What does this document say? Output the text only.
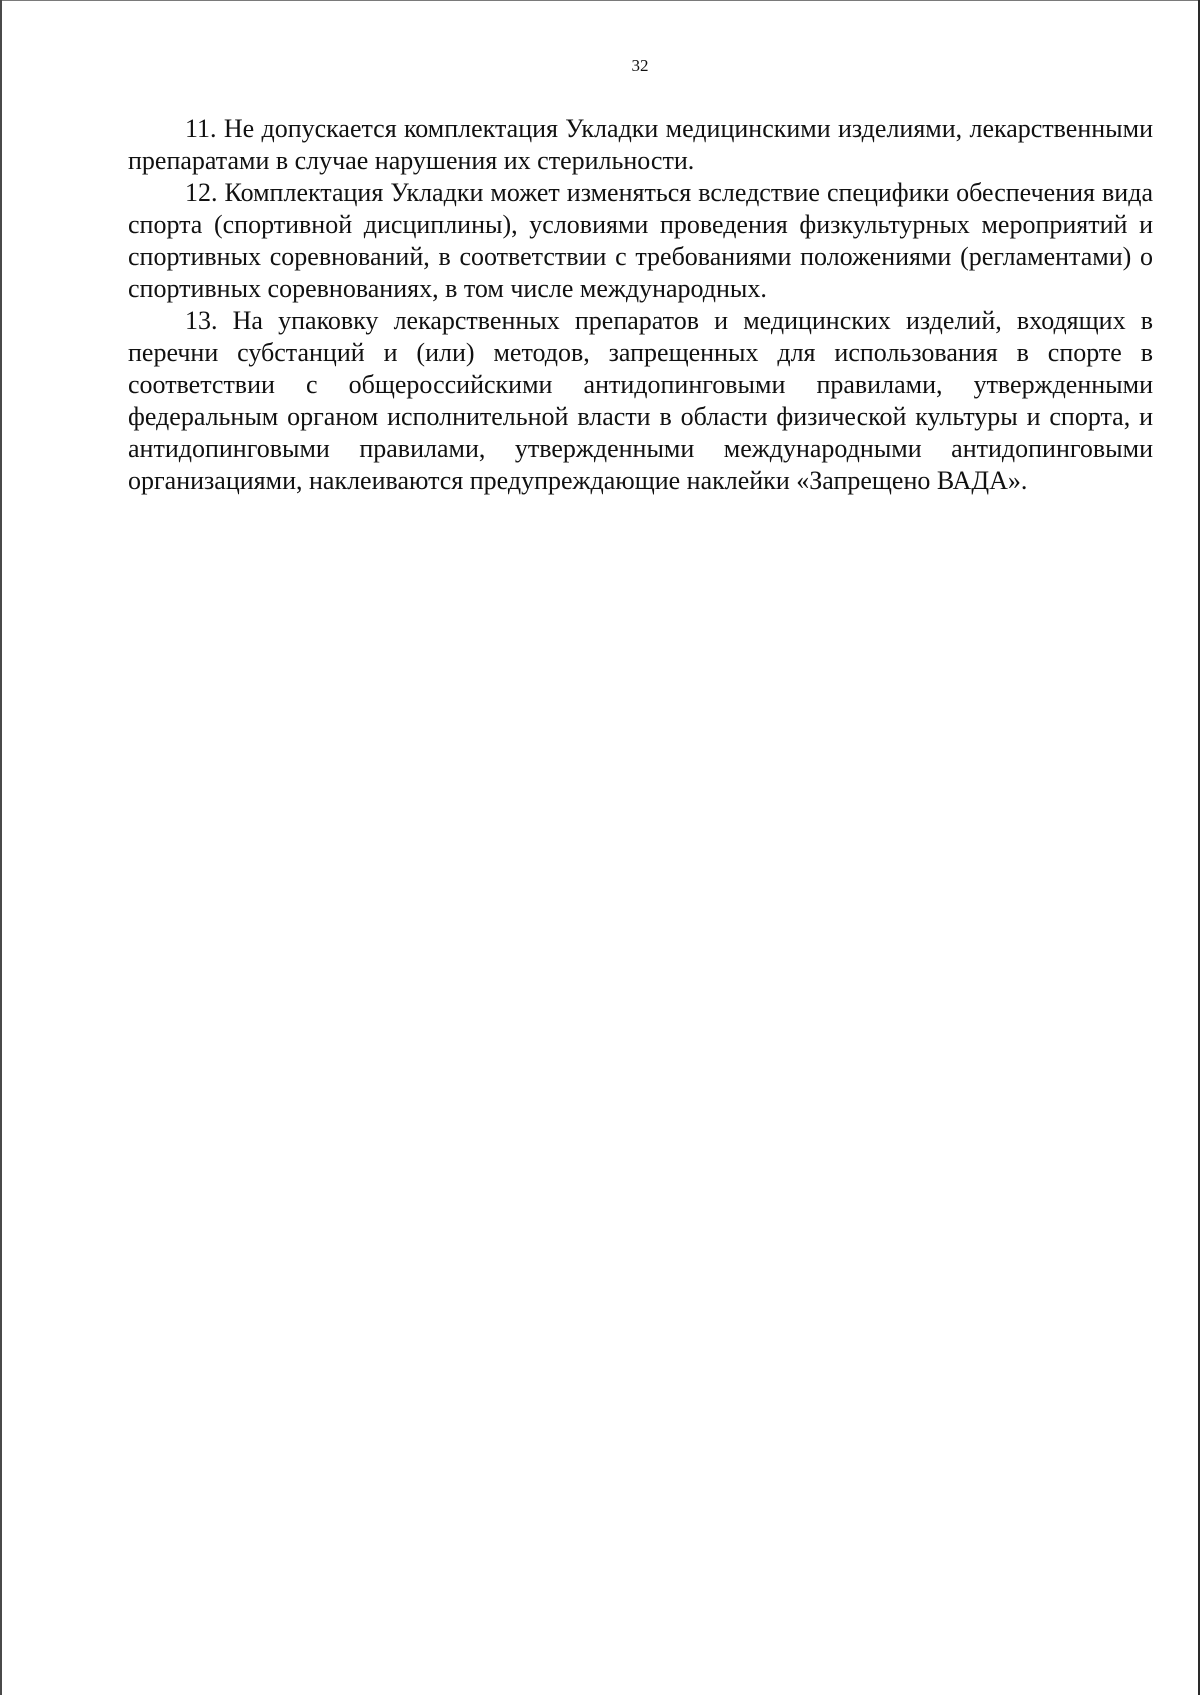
32

11. Не допускается комплектация Укладки медицинскими изделиями, лекарственными препаратами в случае нарушения их стерильности.

12. Комплектация Укладки может изменяться вследствие специфики обеспечения вида спорта (спортивной дисциплины), условиями проведения физкультурных мероприятий и спортивных соревнований, в соответствии с требованиями положениями (регламентами) о спортивных соревнованиях, в том числе международных.

13. На упаковку лекарственных препаратов и медицинских изделий, входящих в перечни субстанций и (или) методов, запрещенных для использования в спорте в соответствии с общероссийскими антидопинговыми правилами, утвержденными федеральным органом исполнительной власти в области физической культуры и спорта, и антидопинговыми правилами, утвержденными международными антидопинговыми организациями, наклеиваются предупреждающие наклейки «Запрещено ВАДА».
